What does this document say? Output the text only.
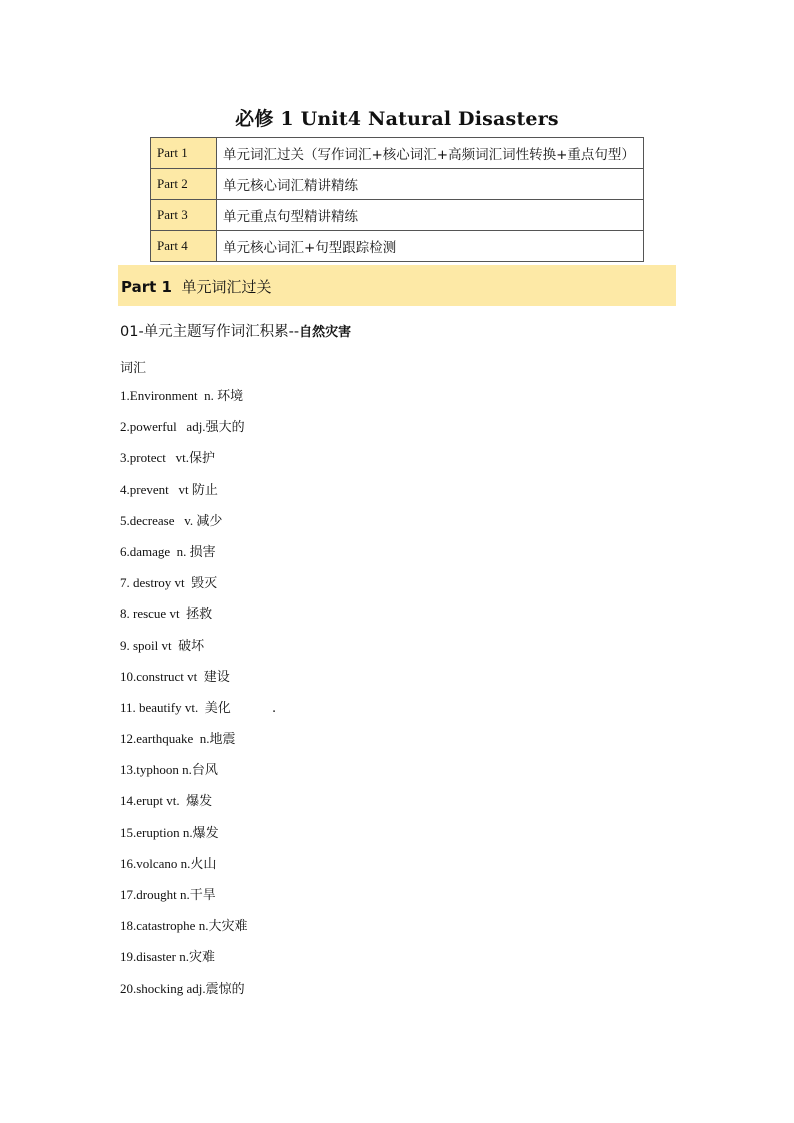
必修 1 Unit4 Natural Disasters
Part 1	单元词汇过关（写作词汇+核心词汇+高频词汇词性转换+重点句型）
Part 2	单元核心词汇精讲精练
Part 3	单元重点句型精讲精练
Part 4	单元核心词汇+句型跟踪检测
Part 1 单元词汇过关
01-单元主题写作词汇积累--自然灾害
词汇
1.Environment  n. 环境
2.powerful   adj.强大的
3.protect   vt.保护
4.prevent   vt 防止
5.decrease   v. 减少
6.damage  n. 损害
7. destroy vt  毁灭
8. rescue vt  拯救
9. spoil vt  破坏
10.construct vt  建设
11. beautify vt.  美化          .
12.earthquake  n.地震
13.typhoon n.台风
14.erupt vt.  爆发
15.eruption n.爆发
16.volcano n.火山
17.drought n.干旱
18.catastrophe n.大灾难
19.disaster n.灾难
20.shocking adj.震惊的
